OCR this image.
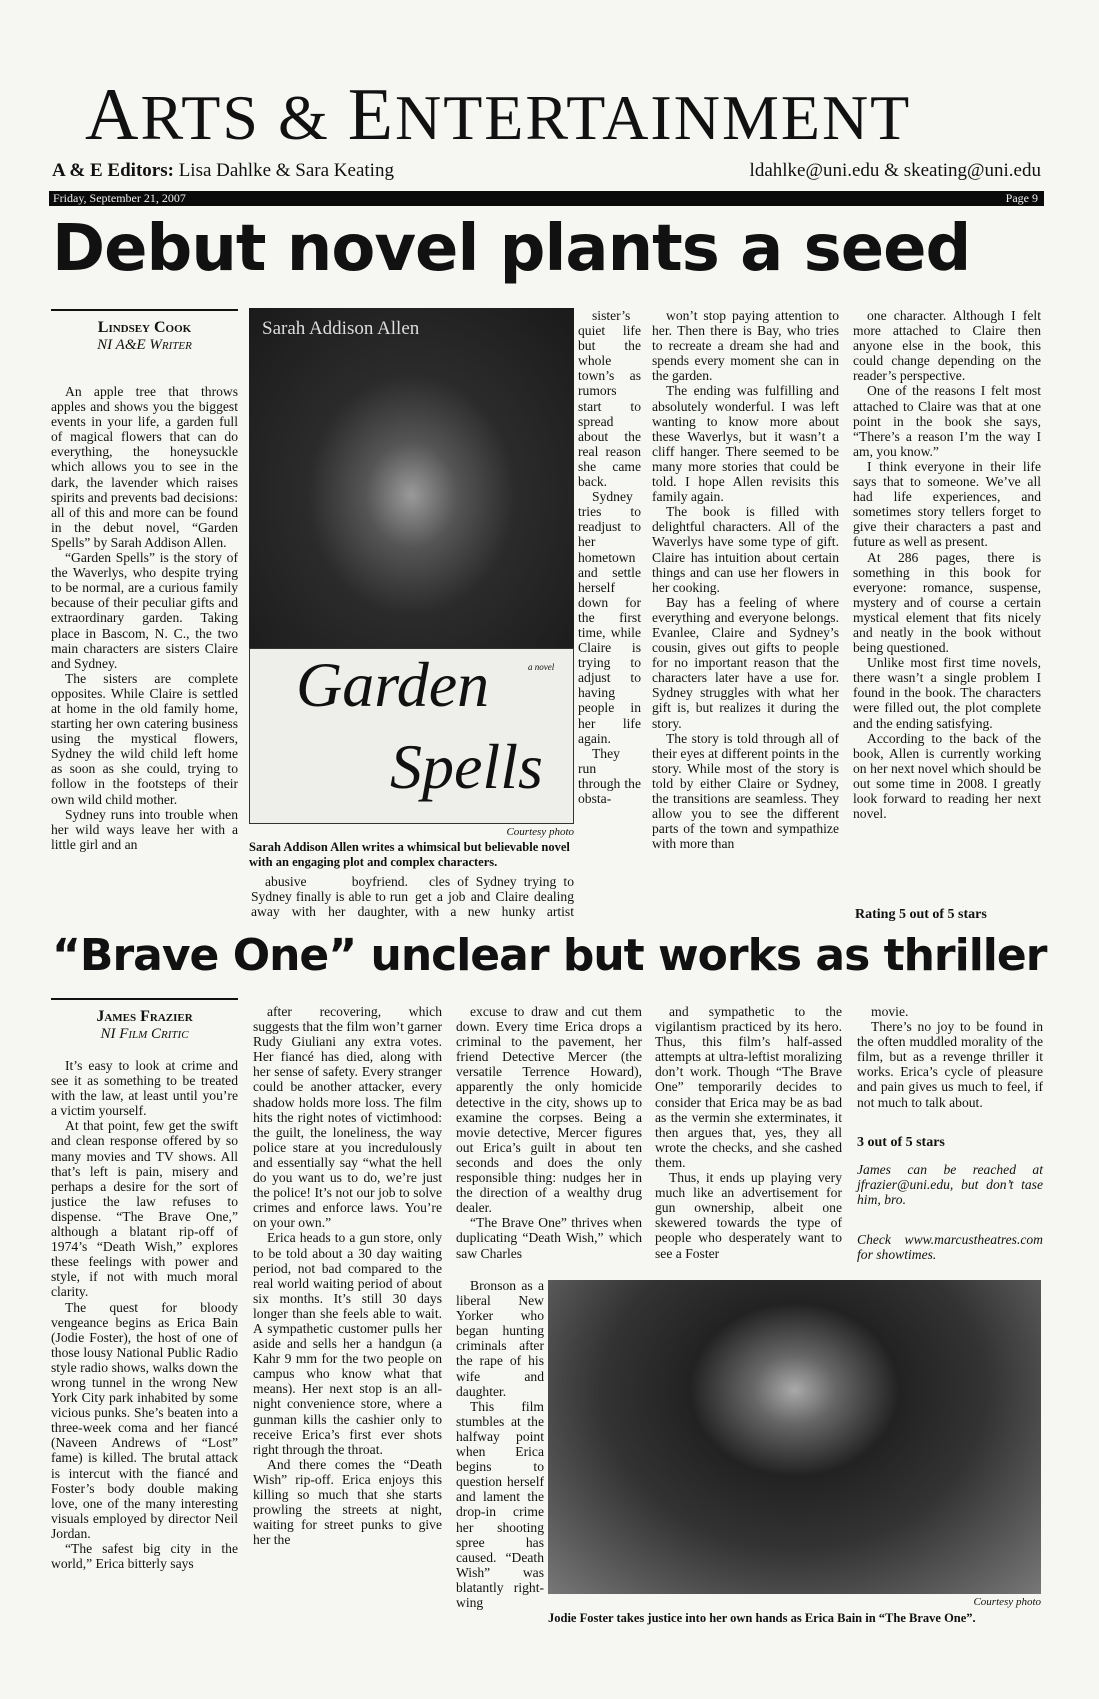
ARTS & ENTERTAINMENT
A & E Editors: Lisa Dahlke & Sara Keating	ldahlke@uni.edu & skeating@uni.edu
Friday, September 21, 2007	Page 9
Debut novel plants a seed
Lindsey Cook
NI A&E Writer

An apple tree that throws apples and shows you the biggest events in your life, a garden full of magical flowers that can do everything, the honeysuckle which allows you to see in the dark, the lavender which raises spirits and prevents bad decisions: all of this and more can be found in the debut novel, “Garden Spells” by Sarah Addison Allen.

“Garden Spells” is the story of the Waverlys, who despite trying to be normal, are a curious family because of their peculiar gifts and extraordinary garden. Taking place in Bascom, N. C., the two main characters are sisters Claire and Sydney.

The sisters are complete opposites. While Claire is settled at home in the old family home, starting her own catering business using the mystical flowers, Sydney the wild child left home as soon as she could, trying to follow in the footsteps of their own wild child mother.

Sydney runs into trouble when her wild ways leave her with a little girl and an

Sarah Addison Allen
Garden
Spells
a novel
Courtesy photo
Sarah Addison Allen writes a whimsical but believable novel with an engaging plot and complex characters.

abusive boyfriend. Sydney finally is able to run away with her daughter,

cles of Sydney trying to get a job and Claire dealing with a new hunky artist

sister’s quiet life but the whole town’s as rumors start to spread about the real reason she came back.

Sydney tries to readjust to her hometown and settle herself down for the first time, while Claire is trying to adjust to having people in her life again.

They run through the obsta-

won’t stop paying attention to her. Then there is Bay, who tries to recreate a dream she had and spends every moment she can in the garden.

The ending was fulfilling and absolutely wonderful. I was left wanting to know more about these Waverlys, but it wasn’t a cliff hanger. There seemed to be many more stories that could be told. I hope Allen revisits this family again.

The book is filled with delightful characters. All of the Waverlys have some type of gift. Claire has intuition about certain things and can use her flowers in her cooking.

Bay has a feeling of where everything and everyone belongs. Evanlee, Claire and Sydney’s cousin, gives out gifts to people for no important reason that the characters later have a use for. Sydney struggles with what her gift is, but realizes it during the story.

The story is told through all of their eyes at different points in the story. While most of the story is told by either Claire or Sydney, the transitions are seamless. They allow you to see the different parts of the town and sympathize with more than

one character. Although I felt more attached to Claire then anyone else in the book, this could change depending on the reader’s perspective.

One of the reasons I felt most attached to Claire was that at one point in the book she says, “There’s a reason I’m the way I am, you know.”

I think everyone in their life says that to someone. We’ve all had life experiences, and sometimes story tellers forget to give their characters a past and future as well as present.

At 286 pages, there is something in this book for everyone: romance, suspense, mystery and of course a certain mystical element that fits nicely and neatly in the book without being questioned.

Unlike most first time novels, there wasn’t a single problem I found in the book. The characters were filled out, the plot complete and the ending satisfying.

According to the back of the book, Allen is currently working on her next novel which should be out some time in 2008. I greatly look forward to reading her next novel.

Rating 5 out of 5 stars
“Brave One” unclear but works as thriller
James Frazier
NI Film Critic

It’s easy to look at crime and see it as something to be treated with the law, at least until you’re a victim yourself.

At that point, few get the swift and clean response offered by so many movies and TV shows. All that’s left is pain, misery and perhaps a desire for the sort of justice the law refuses to dispense. “The Brave One,” although a blatant rip-off of 1974’s “Death Wish,” explores these feelings with power and style, if not with much moral clarity.

The quest for bloody vengeance begins as Erica Bain (Jodie Foster), the host of one of those lousy National Public Radio style radio shows, walks down the wrong tunnel in the wrong New York City park inhabited by some vicious punks. She’s beaten into a three-week coma and her fiancé (Naveen Andrews of “Lost” fame) is killed. The brutal attack is intercut with the fiancé and Foster’s body double making love, one of the many interesting visuals employed by director Neil Jordan.

“The safest big city in the world,” Erica bitterly says

after recovering, which suggests that the film won’t garner Rudy Giuliani any extra votes. Her fiancé has died, along with her sense of safety. Every stranger could be another attacker, every shadow holds more loss. The film hits the right notes of victimhood: the guilt, the loneliness, the way police stare at you incredulously and essentially say “what the hell do you want us to do, we’re just the police! It’s not our job to solve crimes and enforce laws. You’re on your own.”

Erica heads to a gun store, only to be told about a 30 day waiting period, not bad compared to the real world waiting period of about six months. It’s still 30 days longer than she feels able to wait. A sympathetic customer pulls her aside and sells her a handgun (a Kahr 9 mm for the two people on campus who know what that means). Her next stop is an all-night convenience store, where a gunman kills the cashier only to receive Erica’s first ever shots right through the throat.

And there comes the “Death Wish” rip-off. Erica enjoys this killing so much that she starts prowling the streets at night, waiting for street punks to give her the

excuse to draw and cut them down. Every time Erica drops a criminal to the pavement, her friend Detective Mercer (the versatile Terrence Howard), apparently the only homicide detective in the city, shows up to examine the corpses. Being a movie detective, Mercer figures out Erica’s guilt in about ten seconds and does the only responsible thing: nudges her in the direction of a wealthy drug dealer.

“The Brave One” thrives when duplicating “Death Wish,” which saw Charles

Bronson as a liberal New Yorker who began hunting criminals after the rape of his wife and daughter.

This film stumbles at the halfway point when Erica begins to question herself and lament the drop-in crime her shooting spree has caused. “Death Wish” was blatantly right-wing

and sympathetic to the vigilantism practiced by its hero. Thus, this film’s half-assed attempts at ultra-leftist moralizing don’t work. Though “The Brave One” temporarily decides to consider that Erica may be as bad as the vermin she exterminates, it then argues that, yes, they all wrote the checks, and she cashed them.

Thus, it ends up playing very much like an advertisement for gun ownership, albeit one skewered towards the type of people who desperately want to see a Foster

movie.

There’s no joy to be found in the often muddled morality of the film, but as a revenge thriller it works. Erica’s cycle of pleasure and pain gives us much to feel, if not much to talk about.

3 out of 5 stars
James can be reached at jfrazier@uni.edu, but don’t tase him, bro.
Check www.marcustheatres.com for showtimes.
Courtesy photo
Jodie Foster takes justice into her own hands as Erica Bain in “The Brave One”.
